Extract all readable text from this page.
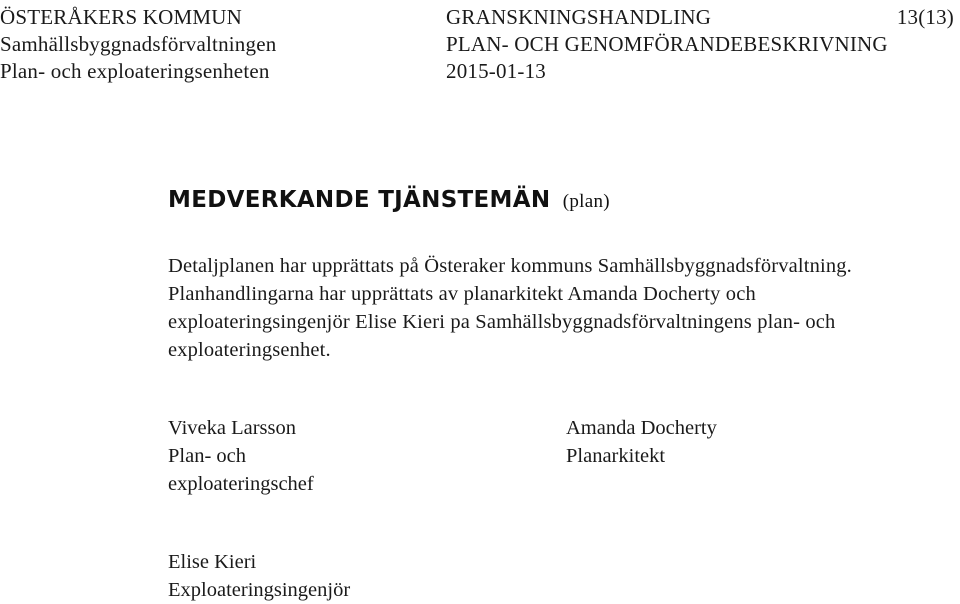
ÖSTERÅKERS KOMMUN
Samhällsbyggnadsförvaltningen
Plan- och exploateringsenheten
GRANSKNINGSHANDLING
PLAN- OCH GENOMFÖRANDEBESKRIVNING
2015-01-13
13(13)
MEDVERKANDE TJÄNSTEMÄN (plan)
Detaljplanen har upprättats på Österaker kommuns Samhällsbyggnadsförvaltning.
Planhandlingarna har upprättats av planarkitekt Amanda Docherty och
exploateringsingenjör Elise Kieri pa Samhällsbyggnadsförvaltningens plan- och
exploateringsenhet.
Viveka Larsson
Plan- och
exploateringschef
Amanda Docherty
Planarkitekt
Elise Kieri
Exploateringsingenjör
